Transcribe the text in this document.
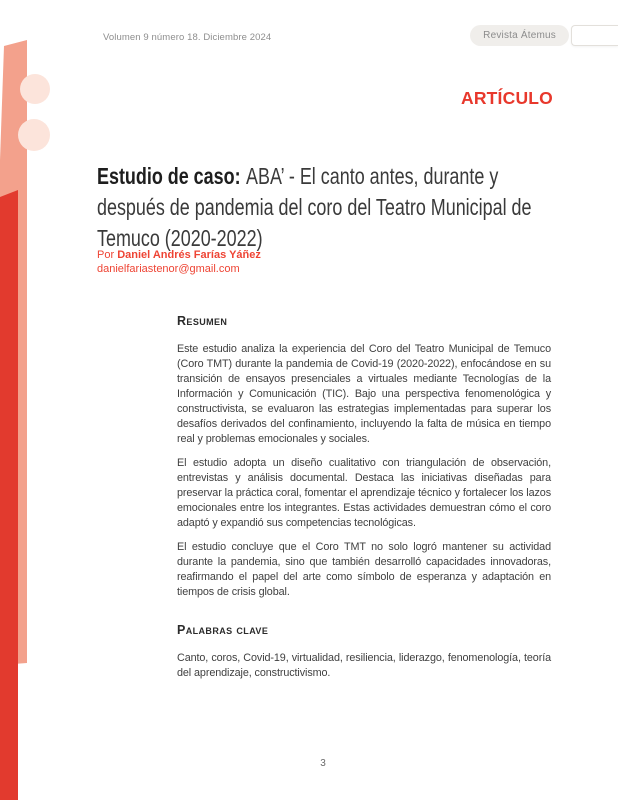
Volumen 9 número 18. Diciembre 2024	Revista Átemus
ARTÍCULO
Estudio de caso: ABA’ - El canto antes, durante y después de pandemia del coro del Teatro Municipal de Temuco (2020-2022)
Por Daniel Andrés Farías Yáñez
danielfariastenor@gmail.com
Resumen

Este estudio analiza la experiencia del Coro del Teatro Municipal de Temuco (Coro TMT) durante la pandemia de Covid-19 (2020-2022), enfocándose en su transición de ensayos presenciales a virtuales mediante Tecnologías de la Información y Comunicación (TIC). Bajo una perspectiva fenomenológica y constructivista, se evaluaron las estrategias implementadas para superar los desafíos derivados del confinamiento, incluyendo la falta de música en tiempo real y problemas emocionales y sociales.

El estudio adopta un diseño cualitativo con triangulación de observación, entrevistas y análisis documental. Destaca las iniciativas diseñadas para preservar la práctica coral, fomentar el aprendizaje técnico y fortalecer los lazos emocionales entre los integrantes. Estas actividades demuestran cómo el coro adaptó y expandió sus competencias tecnológicas.

El estudio concluye que el Coro TMT no solo logró mantener su actividad durante la pandemia, sino que también desarrolló capacidades innovadoras, reafirmando el papel del arte como símbolo de esperanza y adaptación en tiempos de crisis global.

Palabras clave

Canto, coros, Covid-19, virtualidad, resiliencia, liderazgo, fenomenología, teoría del aprendizaje, constructivismo.

3
